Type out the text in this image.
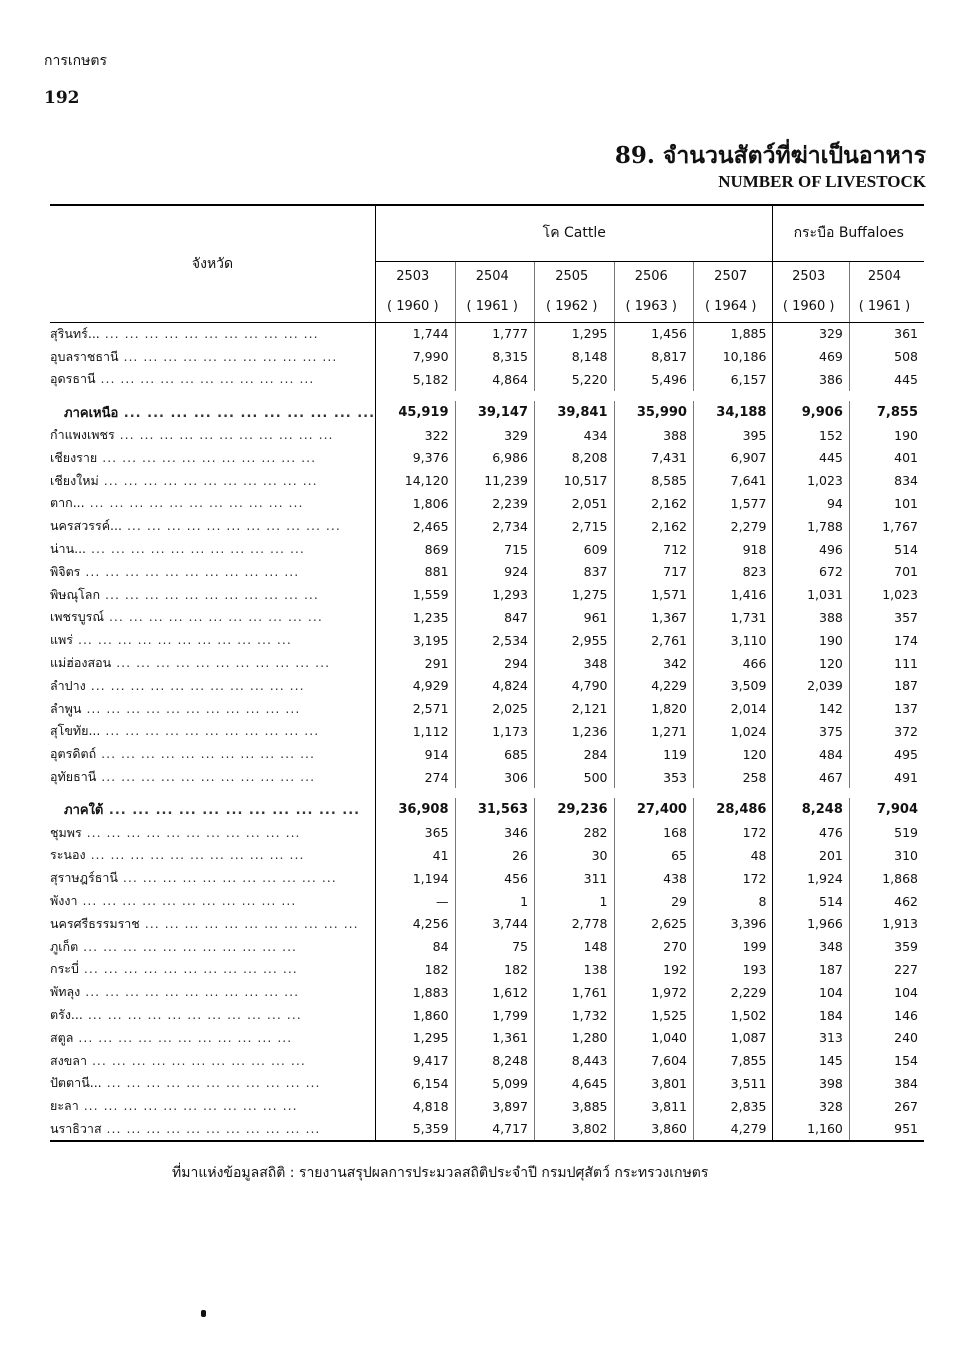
การเกษตร
192
89. จำนวนสัตว์ที่ฆ่าเป็นอาหาร
NUMBER OF LIVESTOCK
จังหวัด	โค Cattle					กระบือ Buffaloes	
	2503	2504	2505	2506	2507	2503	2504
	( 1960 )	( 1961 )	( 1962 )	( 1963 )	( 1964 )	( 1960 )	( 1961 )
สุรินทร์... ... ... ... ... ... ... ... ... ... ... ...	1,744	1,777	1,295	1,456	1,885	329	361
อุบลราชธานี ... ... ... ... ... ... ... ... ... ... ...	7,990	8,315	8,148	8,817	10,186	469	508
อุดรธานี ... ... ... ... ... ... ... ... ... ... ...	5,182	4,864	5,220	5,496	6,157	386	445

ภาคเหนือ ... ... ... ... ... ... ... ... ... ... ...	45,919	39,147	39,841	35,990	34,188	9,906	7,855
กำแพงเพชร ... ... ... ... ... ... ... ... ... ... ...	322	329	434	388	395	152	190
เชียงราย ... ... ... ... ... ... ... ... ... ... ...	9,376	6,986	8,208	7,431	6,907	445	401
เชียงใหม่ ... ... ... ... ... ... ... ... ... ... ...	14,120	11,239	10,517	8,585	7,641	1,023	834
ตาก... ... ... ... ... ... ... ... ... ... ... ...	1,806	2,239	2,051	2,162	1,577	94	101
นครสวรรค์... ... ... ... ... ... ... ... ... ... ... ...	2,465	2,734	2,715	2,162	2,279	1,788	1,767
น่าน... ... ... ... ... ... ... ... ... ... ... ...	869	715	609	712	918	496	514
พิจิตร ... ... ... ... ... ... ... ... ... ... ...	881	924	837	717	823	672	701
พิษณุโลก ... ... ... ... ... ... ... ... ... ... ...	1,559	1,293	1,275	1,571	1,416	1,031	1,023
เพชรบูรณ์ ... ... ... ... ... ... ... ... ... ... ...	1,235	847	961	1,367	1,731	388	357
แพร่ ... ... ... ... ... ... ... ... ... ... ...	3,195	2,534	2,955	2,761	3,110	190	174
แม่ฮ่องสอน ... ... ... ... ... ... ... ... ... ... ...	291	294	348	342	466	120	111
ลำปาง ... ... ... ... ... ... ... ... ... ... ...	4,929	4,824	4,790	4,229	3,509	2,039	187
ลำพูน ... ... ... ... ... ... ... ... ... ... ...	2,571	2,025	2,121	1,820	2,014	142	137
สุโขทัย... ... ... ... ... ... ... ... ... ... ... ...	1,112	1,173	1,236	1,271	1,024	375	372
อุตรดิตถ์ ... ... ... ... ... ... ... ... ... ... ...	914	685	284	119	120	484	495
อุทัยธานี ... ... ... ... ... ... ... ... ... ... ...	274	306	500	353	258	467	491

ภาคใต้ ... ... ... ... ... ... ... ... ... ... ...	36,908	31,563	29,236	27,400	28,486	8,248	7,904
ชุมพร ... ... ... ... ... ... ... ... ... ... ...	365	346	282	168	172	476	519
ระนอง ... ... ... ... ... ... ... ... ... ... ...	41	26	30	65	48	201	310
สุราษฎร์ธานี ... ... ... ... ... ... ... ... ... ... ...	1,194	456	311	438	172	1,924	1,868
พังงา ... ... ... ... ... ... ... ... ... ... ...	—	1	1	29	8	514	462
นครศรีธรรมราช ... ... ... ... ... ... ... ... ... ... ...	4,256	3,744	2,778	2,625	3,396	1,966	1,913
ภูเก็ต ... ... ... ... ... ... ... ... ... ... ...	84	75	148	270	199	348	359
กระบี่ ... ... ... ... ... ... ... ... ... ... ...	182	182	138	192	193	187	227
พัทลุง ... ... ... ... ... ... ... ... ... ... ...	1,883	1,612	1,761	1,972	2,229	104	104
ตรัง... ... ... ... ... ... ... ... ... ... ... ...	1,860	1,799	1,732	1,525	1,502	184	146
สตูล ... ... ... ... ... ... ... ... ... ... ...	1,295	1,361	1,280	1,040	1,087	313	240
สงขลา ... ... ... ... ... ... ... ... ... ... ...	9,417	8,248	8,443	7,604	7,855	145	154
ปัตตานี... ... ... ... ... ... ... ... ... ... ... ...	6,154	5,099	4,645	3,801	3,511	398	384
ยะลา ... ... ... ... ... ... ... ... ... ... ...	4,818	3,897	3,885	3,811	2,835	328	267
นราธิวาส ... ... ... ... ... ... ... ... ... ... ...	5,359	4,717	3,802	3,860	4,279	1,160	951
ที่มาแห่งข้อมูลสถิติ : รายงานสรุปผลการประมวลสถิติประจำปี กรมปศุสัตว์ กระทรวงเกษตร
